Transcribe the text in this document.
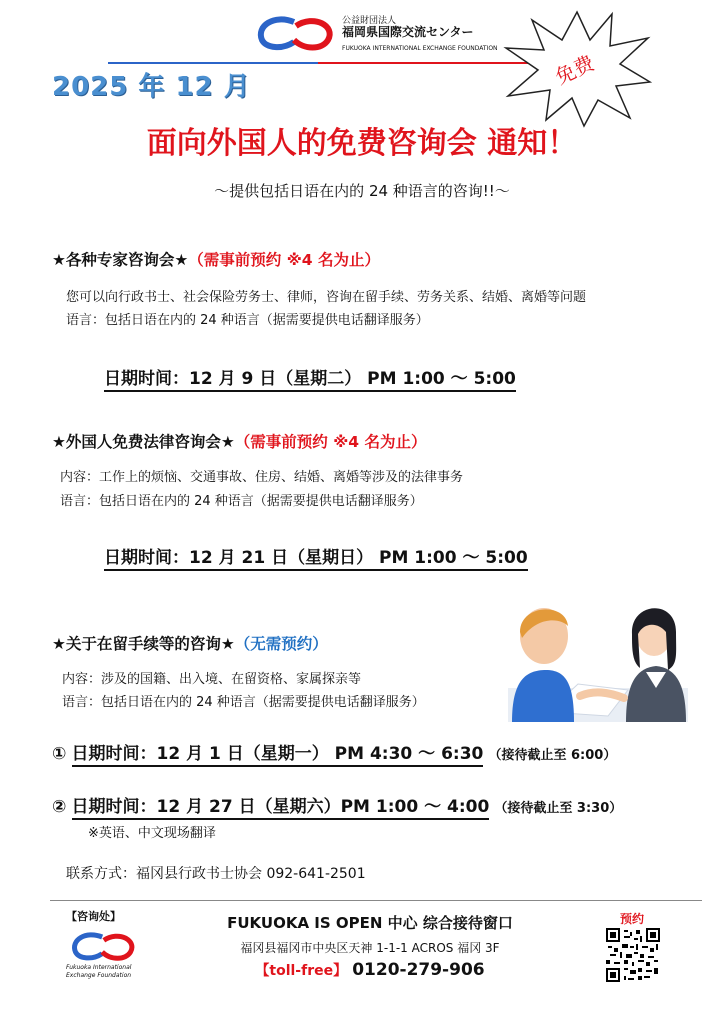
公益財団法人
福岡県国際交流センター
FUKUOKA INTERNATIONAL EXCHANGE FOUNDATION
2025 年 12 月	免费
面向外国人的免费咨询会 通知！
～提供包括日语在内的 24 种语言的咨询!!～
★各种专家咨询会★（需事前预约 ※4 名为止）
您可以向行政书士、社会保险劳务士、律师，咨询在留手续、劳务关系、结婚、离婚等问题
语言：包括日语在内的 24 种语言（据需要提供电话翻译服务）
日期时间：12 月 9 日（星期二） PM 1:00 ～ 5:00
★外国人免费法律咨询会★（需事前预约 ※4 名为止）
内容：工作上的烦恼、交通事故、住房、结婚、离婚等涉及的法律事务
语言：包括日语在内的 24 种语言（据需要提供电话翻译服务）
日期时间：12 月 21 日（星期日） PM 1:00 ～ 5:00
★关于在留手续等的咨询★（无需预约）
内容：涉及的国籍、出入境、在留资格、家属探亲等
语言：包括日语在内的 24 种语言（据需要提供电话翻译服务）
① 日期时间：12 月 1 日（星期一） PM 4:30 ～ 6:30 （接待截止至 6:00）
② 日期时间：12 月 27 日（星期六）PM 1:00 ～ 4:00 （接待截止至 3:30）
※英语、中文现场翻译
联系方式：福冈县行政书士协会 092-641-2501
【咨询处】
Fukuoka International
Exchange Foundation
FUKUOKA IS OPEN 中心 综合接待窗口
福冈县福冈市中央区天神 1-1-1 ACROS 福冈 3F
【toll-free】 0120-279-906
预约
